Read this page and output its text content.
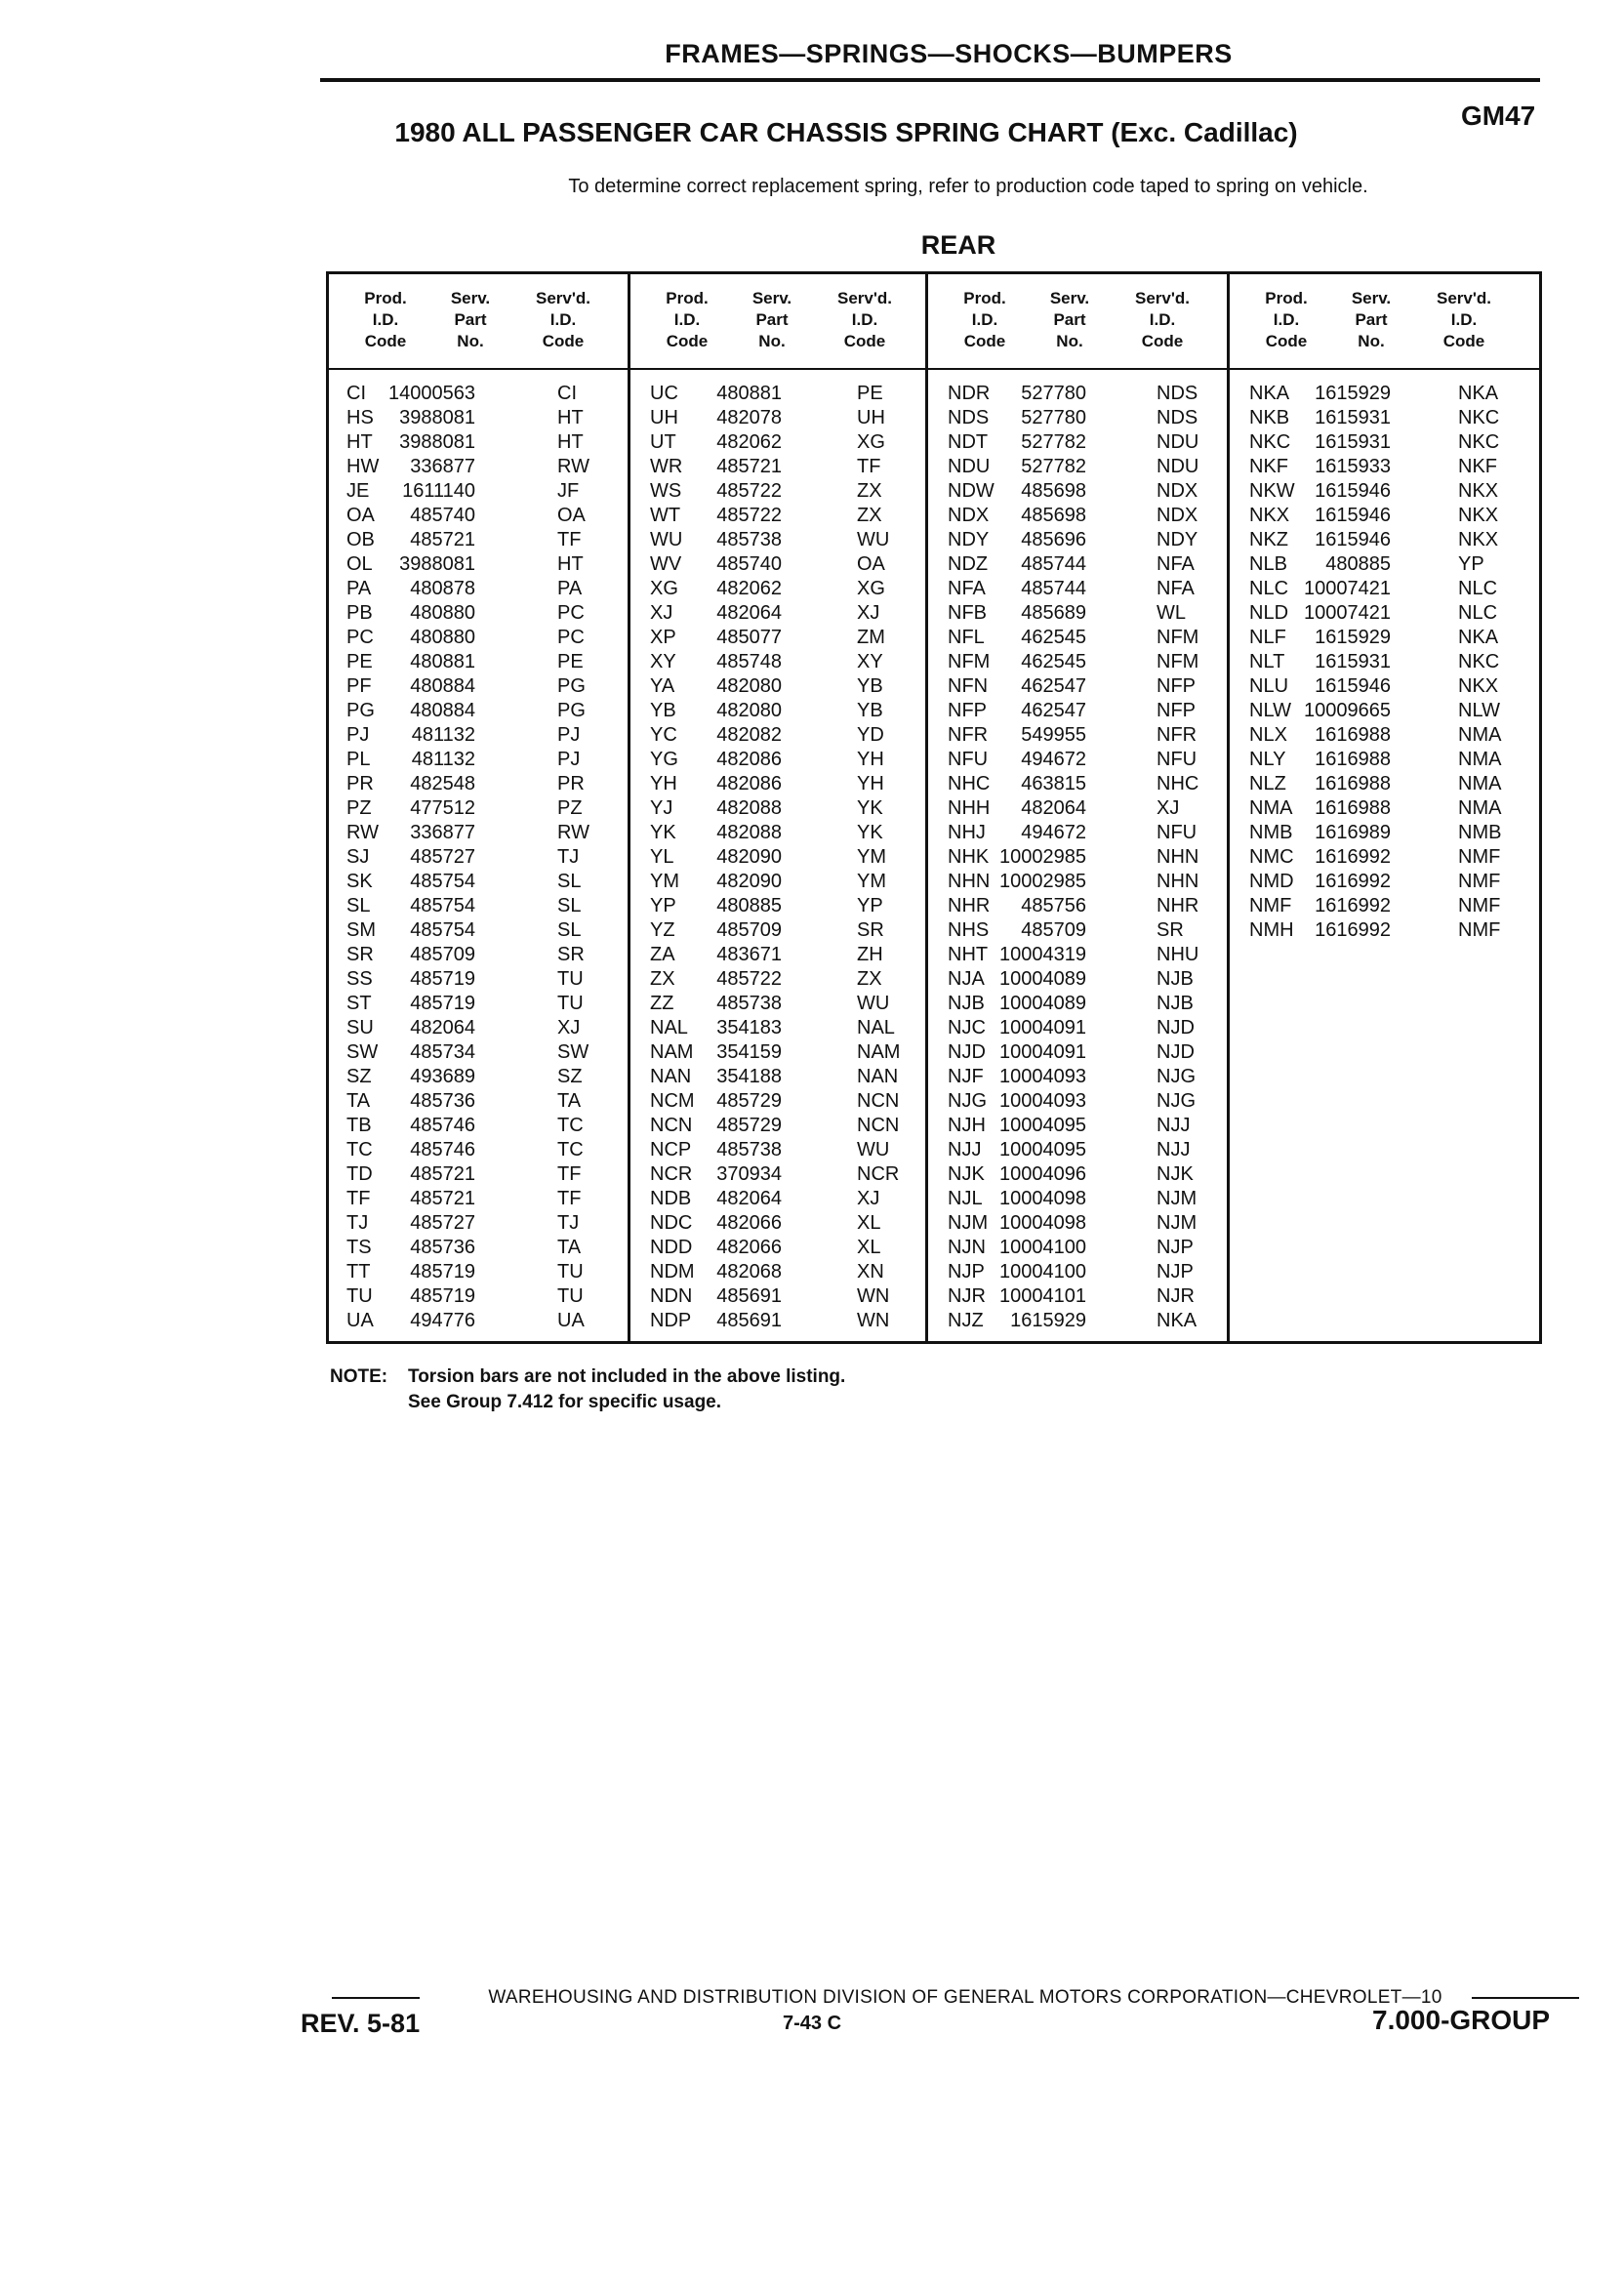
FRAMES—SPRINGS—SHOCKS—BUMPERS
GM47
1980 ALL PASSENGER CAR CHASSIS SPRING CHART (Exc. Cadillac)
To determine correct replacement spring, refer to production code taped to spring on vehicle.
REAR
Prod.
I.D.
Code
Serv.
Part
No.
Serv'd.
I.D.
Code
CI	14000563	CI
HS	3988081	HT
HT	3988081	HT
HW	336877	RW
JE	1611140	JF
OA	485740	OA
OB	485721	TF
OL	3988081	HT
PA	480878	PA
PB	480880	PC
PC	480880	PC
PE	480881	PE
PF	480884	PG
PG	480884	PG
PJ	481132	PJ
PL	481132	PJ
PR	482548	PR
PZ	477512	PZ
RW	336877	RW
SJ	485727	TJ
SK	485754	SL
SL	485754	SL
SM	485754	SL
SR	485709	SR
SS	485719	TU
ST	485719	TU
SU	482064	XJ
SW	485734	SW
SZ	493689	SZ
TA	485736	TA
TB	485746	TC
TC	485746	TC
TD	485721	TF
TF	485721	TF
TJ	485727	TJ
TS	485736	TA
TT	485719	TU
TU	485719	TU
UA	494776	UA
Prod.
I.D.
Code
Serv.
Part
No.
Serv'd.
I.D.
Code
UC	480881	PE
UH	482078	UH
UT	482062	XG
WR	485721	TF
WS	485722	ZX
WT	485722	ZX
WU	485738	WU
WV	485740	OA
XG	482062	XG
XJ	482064	XJ
XP	485077	ZM
XY	485748	XY
YA	482080	YB
YB	482080	YB
YC	482082	YD
YG	482086	YH
YH	482086	YH
YJ	482088	YK
YK	482088	YK
YL	482090	YM
YM	482090	YM
YP	480885	YP
YZ	485709	SR
ZA	483671	ZH
ZX	485722	ZX
ZZ	485738	WU
NAL	354183	NAL
NAM	354159	NAM
NAN	354188	NAN
NCM	485729	NCN
NCN	485729	NCN
NCP	485738	WU
NCR	370934	NCR
NDB	482064	XJ
NDC	482066	XL
NDD	482066	XL
NDM	482068	XN
NDN	485691	WN
NDP	485691	WN
Prod.
I.D.
Code
Serv.
Part
No.
Serv'd.
I.D.
Code
NDR	527780	NDS
NDS	527780	NDS
NDT	527782	NDU
NDU	527782	NDU
NDW	485698	NDX
NDX	485698	NDX
NDY	485696	NDY
NDZ	485744	NFA
NFA	485744	NFA
NFB	485689	WL
NFL	462545	NFM
NFM	462545	NFM
NFN	462547	NFP
NFP	462547	NFP
NFR	549955	NFR
NFU	494672	NFU
NHC	463815	NHC
NHH	482064	XJ
NHJ	494672	NFU
NHK 10002985	NHN
NHN 10002985	NHN
NHR	485756	NHR
NHS	485709	SR
NHT 10004319	NHU
NJA 10004089	NJB
NJB 10004089	NJB
NJC 10004091	NJD
NJD 10004091	NJD
NJF 10004093	NJG
NJG 10004093	NJG
NJH 10004095	NJJ
NJJ 10004095	NJJ
NJK 10004096	NJK
NJL 10004098	NJM
NJM 10004098	NJM
NJN 10004100	NJP
NJP 10004100	NJP
NJR 10004101	NJR
NJZ	1615929	NKA
Prod.
I.D.
Code
Serv.
Part
No.
Serv'd.
I.D.
Code
NKA	1615929	NKA
NKB	1615931	NKC
NKC	1615931	NKC
NKF	1615933	NKF
NKW	1615946	NKX
NKX	1615946	NKX
NKZ	1615946	NKX
NLB	480885	YP
NLC 10007421	NLC
NLD 10007421	NLC
NLF	1615929	NKA
NLT	1615931	NKC
NLU	1615946	NKX
NLW 10009665	NLW
NLX	1616988	NMA
NLY	1616988	NMA
NLZ	1616988	NMA
NMA	1616988	NMA
NMB	1616989	NMB
NMC	1616992	NMF
NMD	1616992	NMF
NMF	1616992	NMF
NMH	1616992	NMF
NOTE: Torsion bars are not included in the above listing.
See Group 7.412 for specific usage.
WAREHOUSING AND DISTRIBUTION DIVISION OF GENERAL MOTORS CORPORATION—CHEVROLET—10
REV. 5-81	7-43 C	7.000-GROUP
